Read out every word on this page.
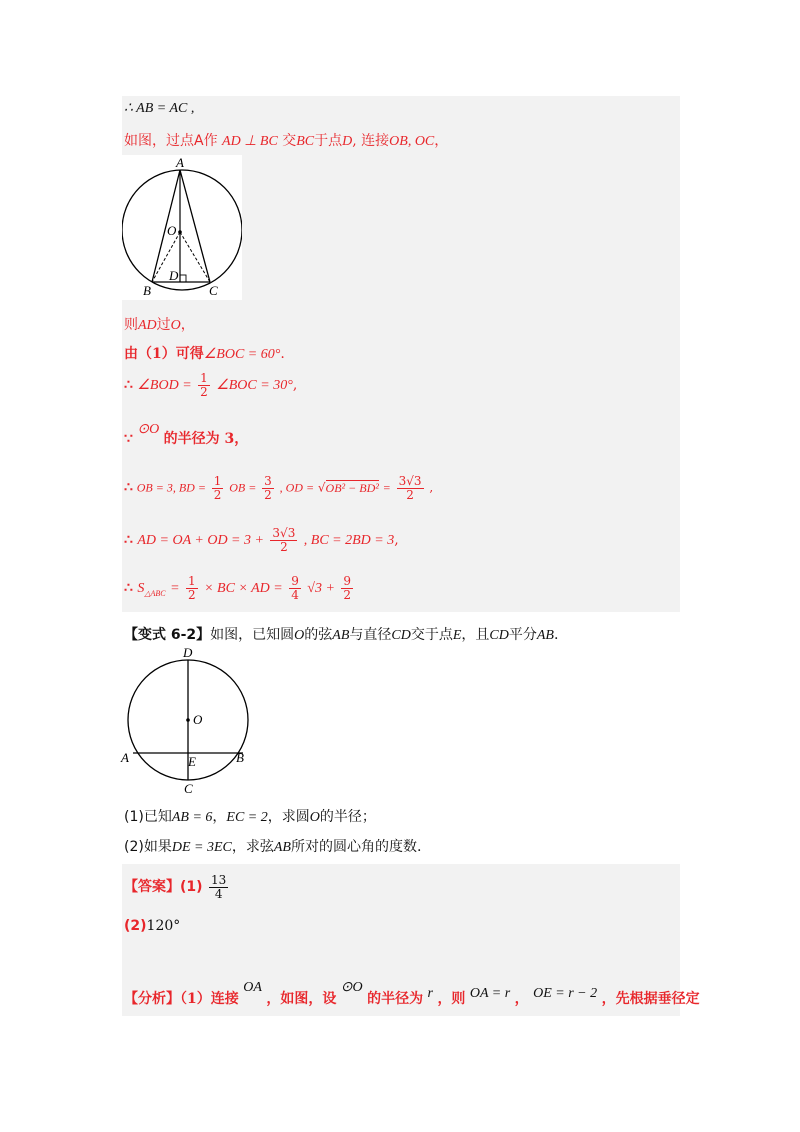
∴ AB = AC ,
如图，过点A作 AD ⊥ BC 交BC于点D, 连接OB, OC，
A
O
D
B	C
则AD过O，
由（1）可得∠BOC = 60°.
∴ ∠BOD = $\frac{1}{2}$ ∠BOC = 30°,
∵ ⊙O 的半径为 3，
∴ OB = 3, BD = $\frac{1}{2}$ OB = $\frac{3}{2}$ , OD = $√OB^2 - BD^2 = \frac{3√3}{2}$ ,
∴ AD = OA + OD = $3 + \frac{3√3}{2}$ , BC = 2BD = 3,
∴ $S_{\triangle ABC} = \frac{1}{2}$ × BC × AD = $\frac{9}{4} √3 + \frac{9}{2}$
【变式 6-2】如图，已知圆O的弦AB与直径CD交于点E，且CD平分AB.
D
O
A	B
E
C
(1)已知AB = 6，EC = 2，求圆O的半径；
(2)如果DE = 3EC，求弦AB所对的圆心角的度数.
【答案】$(1) \frac{13}{4}$
(2)120°
【分析】（1）连接 OA ，如图，设 ⊙O 的半径为 r ，则 OA = r ， OE = r − 2 ，先根据垂径定
